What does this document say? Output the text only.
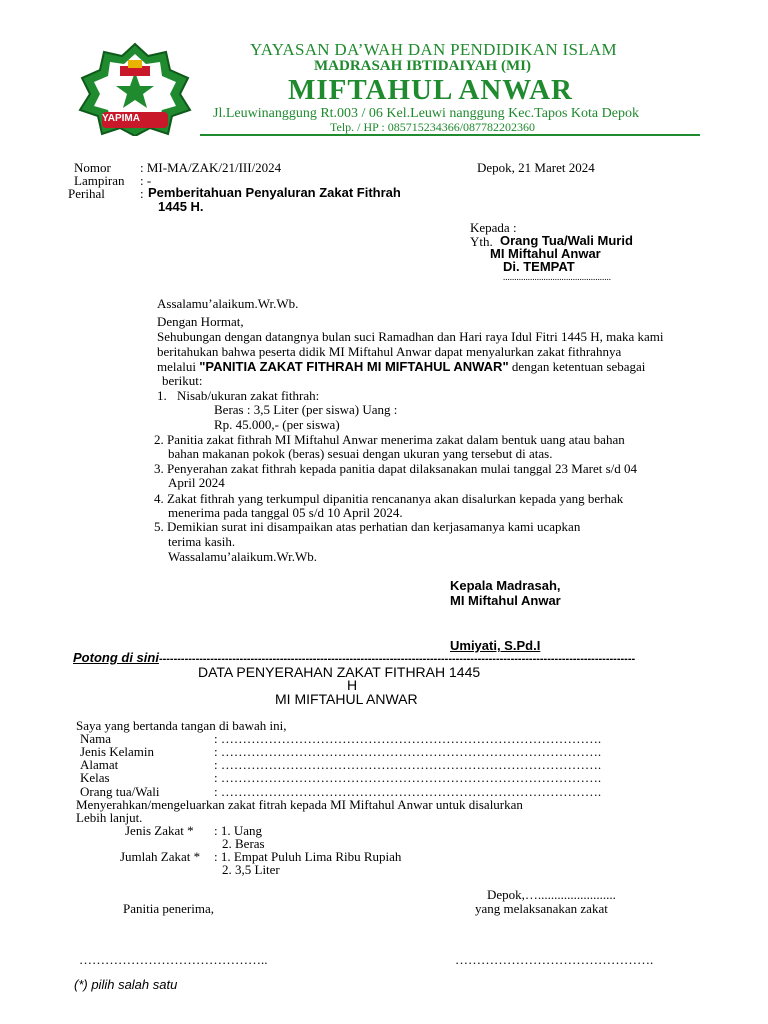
YAPIMA
YAYASAN DA’WAH DAN PENDIDIKAN ISLAM
MADRASAH IBTIDAIYAH (MI)
MIFTAHUL ANWAR
Jl.Leuwinanggung Rt.003 / 06 Kel.Leuwi nanggung Kec.Tapos Kota Depok
Telp. / HP : 085715234366/087782202360
Nomor : MI-MA/ZAK/21/III/2024
Lampiran : -
Perihal	: Pemberitahuan Penyaluran Zakat Fithrah
1445 H.
Depok, 21 Maret 2024
Kepada :
Yth. Orang Tua/Wali Murid
MI Miftahul Anwar
Di. TEMPAT
................................................
Assalamu’alaikum.Wr.Wb.
Dengan Hormat,
Sehubungan dengan datangnya bulan suci Ramadhan dan Hari raya Idul Fitri 1445 H, maka kami
beritahukan bahwa peserta didik MI Miftahul Anwar dapat menyalurkan zakat fithrahnya
melalui "PANITIA ZAKAT FITHRAH MI MIFTAHUL ANWAR" dengan ketentuan sebagai
berikut:
1. Nisab/ukuran zakat fithrah:
Beras : 3,5 Liter (per siswa) Uang :
Rp. 45.000,- (per siswa)
2. Panitia zakat fithrah MI Miftahul Anwar menerima zakat dalam bentuk uang atau bahan
bahan makanan pokok (beras) sesuai dengan ukuran yang tersebut di atas.
3. Penyerahan zakat fithrah kepada panitia dapat dilaksanakan mulai tanggal 23 Maret s/d 04
April 2024
4. Zakat fithrah yang terkumpul dipanitia rencananya akan disalurkan kepada yang berhak
menerima pada tanggal 05 s/d 10 April 2024.
5. Demikian surat ini disampaikan atas perhatian dan kerjasamanya kami ucapkan
terima kasih.
Wassalamu’alaikum.Wr.Wb.
Kepala Madrasah,
MI Miftahul Anwar
Umiyati, S.Pd.I
Potong di sini----------------------------------------------------------------------------------------------------------------------------------
DATA PENYERAHAN ZAKAT FITHRAH 1445
H
MI MIFTAHUL ANWAR
Saya yang bertanda tangan di bawah ini,
Nama	: …………………………………………………………………………….
Jenis Kelamin	: …………………………………………………………………………….
Alamat	: …………………………………………………………………………….
Kelas	: …………………………………………………………………………….
Orang tua/Wali	: …………………………………………………………………………….
Menyerahkan/mengeluarkan zakat fitrah kepada MI Miftahul Anwar untuk disalurkan
Lebih lanjut.
Jenis Zakat * : 1. Uang
2. Beras
Jumlah Zakat * : 1. Empat Puluh Lima Ribu Rupiah
2. 3,5 Liter
Depok,…........................
Panitia penerima,	yang melaksanakan zakat
……………………………………..	……………………………………….
(*) pilih salah satu
